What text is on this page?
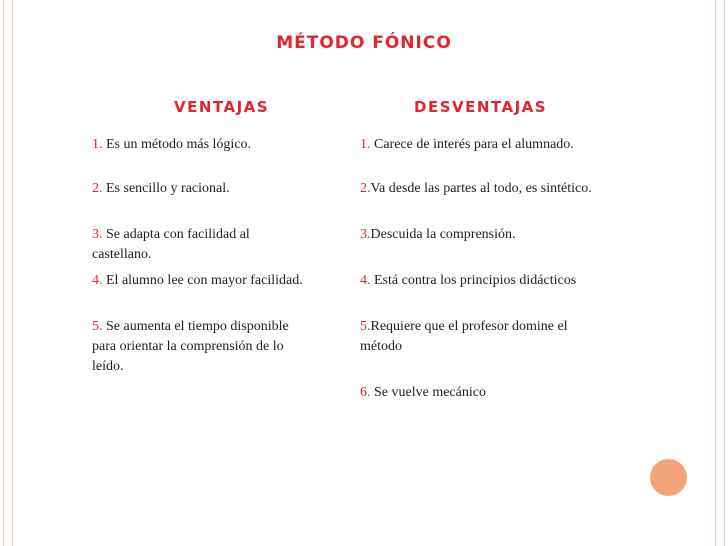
MÉTODO FÓNICO
VENTAJAS	DESVENTAJAS
1. Es un método más lógico.
2. Es sencillo y racional.
3. Se adapta con facilidad al castellano.
4. El alumno lee con mayor facilidad.
5. Se aumenta el tiempo disponible para orientar la comprensión de lo leído.
1. Carece de interés para el alumnado.
2.Va desde las partes al todo, es sintético.
3.Descuida la comprensión.
4. Está contra los principios didácticos
5.Requiere que el profesor domine el método
6. Se vuelve mecánico
